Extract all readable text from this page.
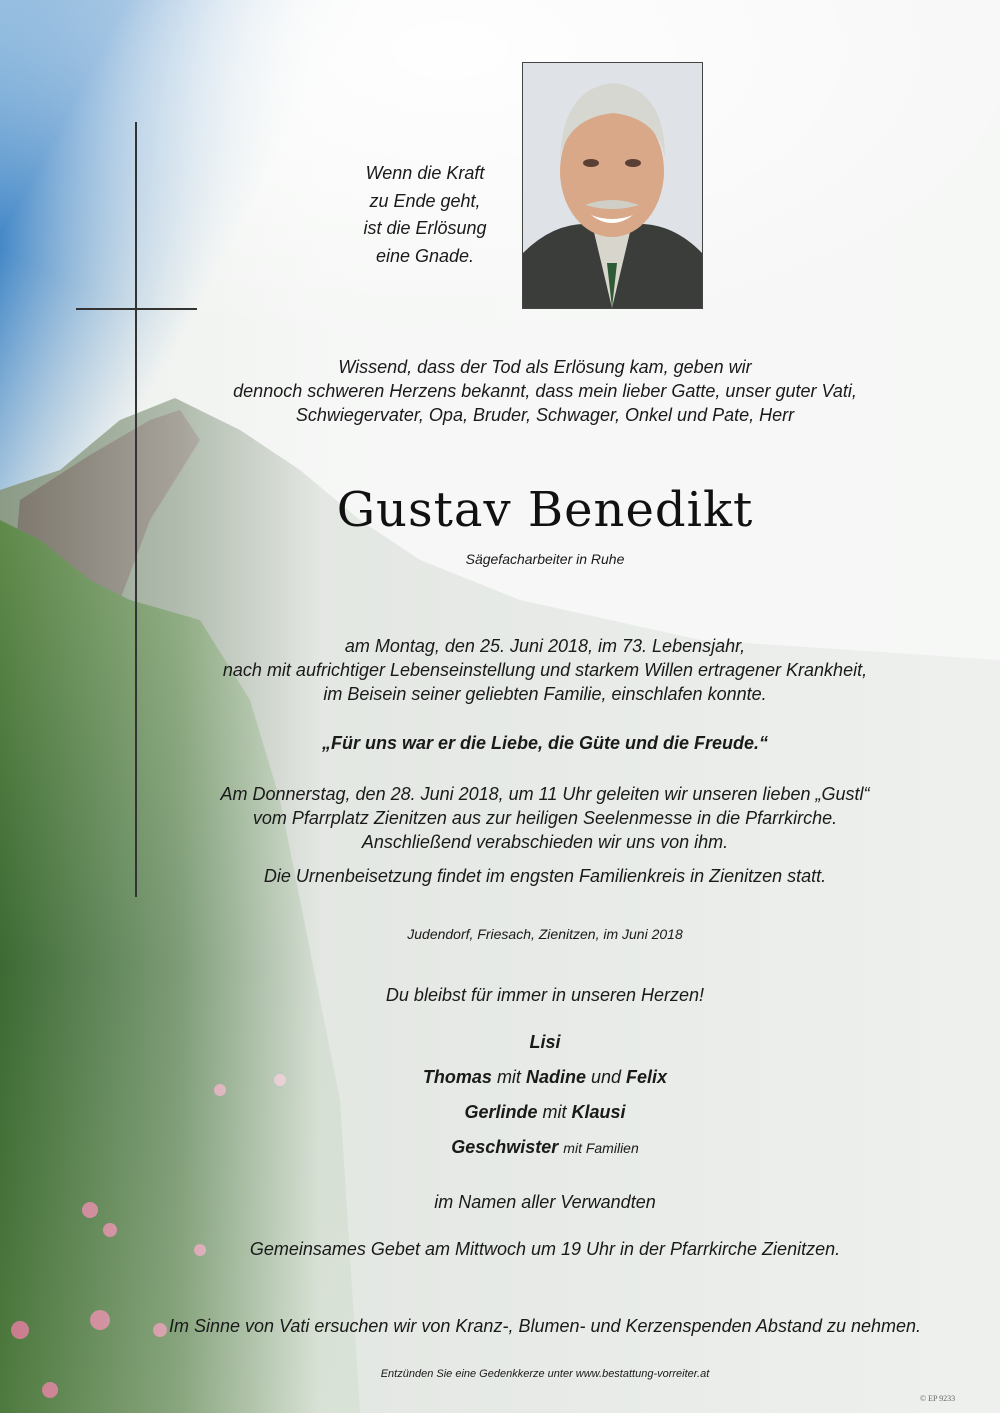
Wenn die Kraft
zu Ende geht,
ist die Erlösung
eine Gnade.

Wissend, dass der Tod als Erlösung kam, geben wir
dennoch schweren Herzens bekannt, dass mein lieber Gatte, unser guter Vati,
Schwiegervater, Opa, Bruder, Schwager, Onkel und Pate, Herr

Gustav Benedikt

Sägefacharbeiter in Ruhe

am Montag, den 25. Juni 2018, im 73. Lebensjahr,
nach mit aufrichtiger Lebenseinstellung und starkem Willen ertragener Krankheit,
im Beisein seiner geliebten Familie, einschlafen konnte.

„Für uns war er die Liebe, die Güte und die Freude.“

Am Donnerstag, den 28. Juni 2018, um 11 Uhr geleiten wir unseren lieben „Gustl“
vom Pfarrplatz Zienitzen aus zur heiligen Seelenmesse in die Pfarrkirche.
Anschließend verabschieden wir uns von ihm.

Die Urnenbeisetzung findet im engsten Familienkreis in Zienitzen statt.

Judendorf, Friesach, Zienitzen, im Juni 2018

Du bleibst für immer in unseren Herzen!

Lisi

Thomas mit Nadine und Felix

Gerlinde mit Klausi

Geschwister mit Familien

im Namen aller Verwandten

Gemeinsames Gebet am Mittwoch um 19 Uhr in der Pfarrkirche Zienitzen.

Im Sinne von Vati ersuchen wir von Kranz-, Blumen- und Kerzenspenden Abstand zu nehmen.

Entzünden Sie eine Gedenkkerze unter www.bestattung-vorreiter.at

© EP 9233
